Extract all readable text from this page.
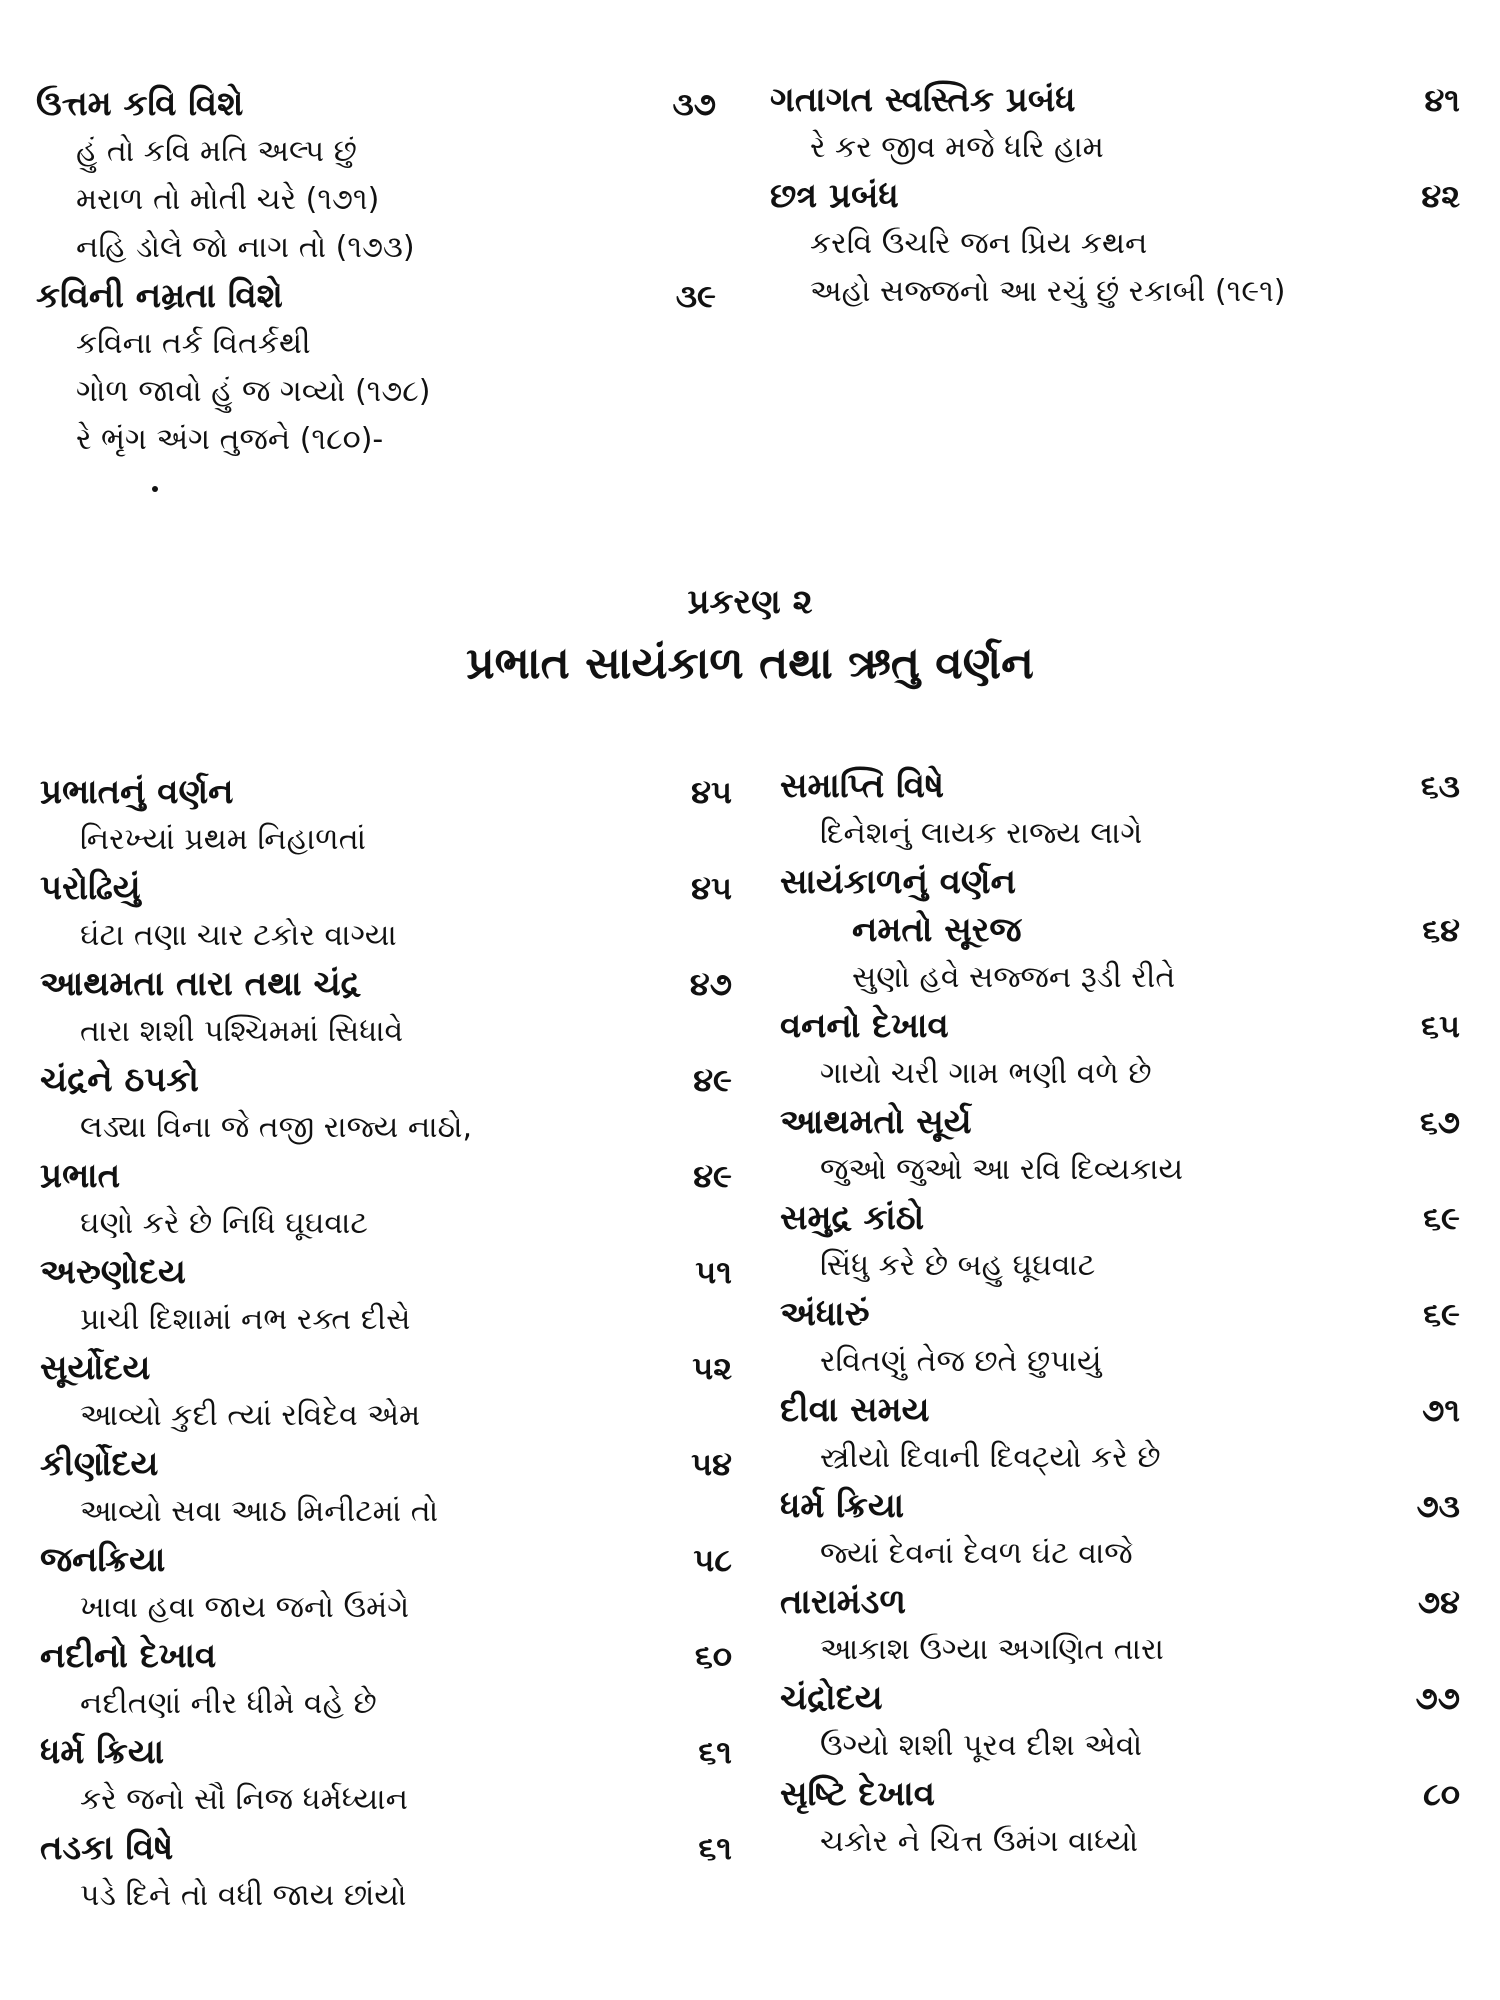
ઉત્તમ કવિ વિશે	૩૭
હું તો કવિ મતિ અલ્પ છું
મરાળ તો મોતી ચરે (૧૭૧)
નહિ ડોલે જો નાગ તો (૧૭૩)
કવિની નમ્રતા વિશે	૩૯
કવિના તર્ક વિતર્કથી
ગોળ જાવો હું જ ગવ્યો (૧૭૮)
રે ભૃંગ અંગ તુજને (૧૮૦)-
ગતાગત સ્વસ્તિક પ્રબંધ	૪૧
રે કર જીવ મજે ધરિ હામ
છત્ર પ્રબંધ	૪૨
કરવિ ઉચરિ જન પ્રિય કથન
અહો સજ્જનો આ રચું છું રકાબી (૧૯૧)
પ્રકરણ ૨
પ્રભાત સાયંકાળ તથા ઋતુ વર્ણન
પ્રભાતનું વર્ણન	૪૫
નિરખ્યાં પ્રથમ નિહાળતાં
પરોઢિયું	૪૫
ઘંટા તણા ચાર ટકોર વાગ્યા
આથમતા તારા તથા ચંદ્ર	૪૭
તારા શશી પશ્ચિમમાં સિધાવે
ચંદ્રને ઠપકો	૪૯
લડ્યા વિના જે તજી રાજ્ય નાઠો,
પ્રભાત	૪૯
ઘણો કરે છે નિધિ ઘૂઘવાટ
અરુણોદય	૫૧
પ્રાચી દિશામાં નભ રક્ત દીસે
સૂર્યોદય	૫૨
આવ્યો કુદી ત્યાં રવિદેવ એમ
કીર્ણોદય	૫૪
આવ્યો સવા આઠ મિનીટમાં તો
જનક્રિયા	૫૮
ખાવા હવા જાય જનો ઉમંગે
નદીનો દેખાવ	૬૦
નદીતણાં નીર ધીમે વહે છે
ધર્મ ક્રિયા	૬૧
કરે જનો સૌ નિજ ધર્મધ્યાન
તડકા વિષે	૬૧
પડે દિને તો વધી જાય છાંયો
સમાપ્તિ વિષે	૬૩
દિનેશનું લાયક રાજ્ય લાગે
સાયંકાળનું વર્ણન
નમતો સૂરજ	૬૪
સુણો હવે સજ્જન રૂડી રીતે
વનનો દેખાવ	૬૫
ગાયો ચરી ગામ ભણી વળે છે
આથમતો સૂર્ય	૬૭
જુઓ જુઓ આ રવિ દિવ્યકાય
સમુદ્ર કાંઠો	૬૯
સિંધુ કરે છે બહુ ઘૂઘવાટ
અંધારું	૬૯
રવિતણું તેજ છતે છુપાયું
દીવા સમય	૭૧
સ્ત્રીયો દિવાની દિવટ્યો કરે છે
ધર્મ ક્રિયા	૭૩
જ્યાં દેવનાં દેવળ ઘંટ વાજે
તારામંડળ	૭૪
આકાશ ઉગ્યા અગણિત તારા
ચંદ્રોદય	૭૭
ઉગ્યો શશી પૂરવ દીશ એવો
સૃષ્ટિ દેખાવ	૮૦
ચકોર ને ચિત્ત ઉમંગ વાધ્યો
